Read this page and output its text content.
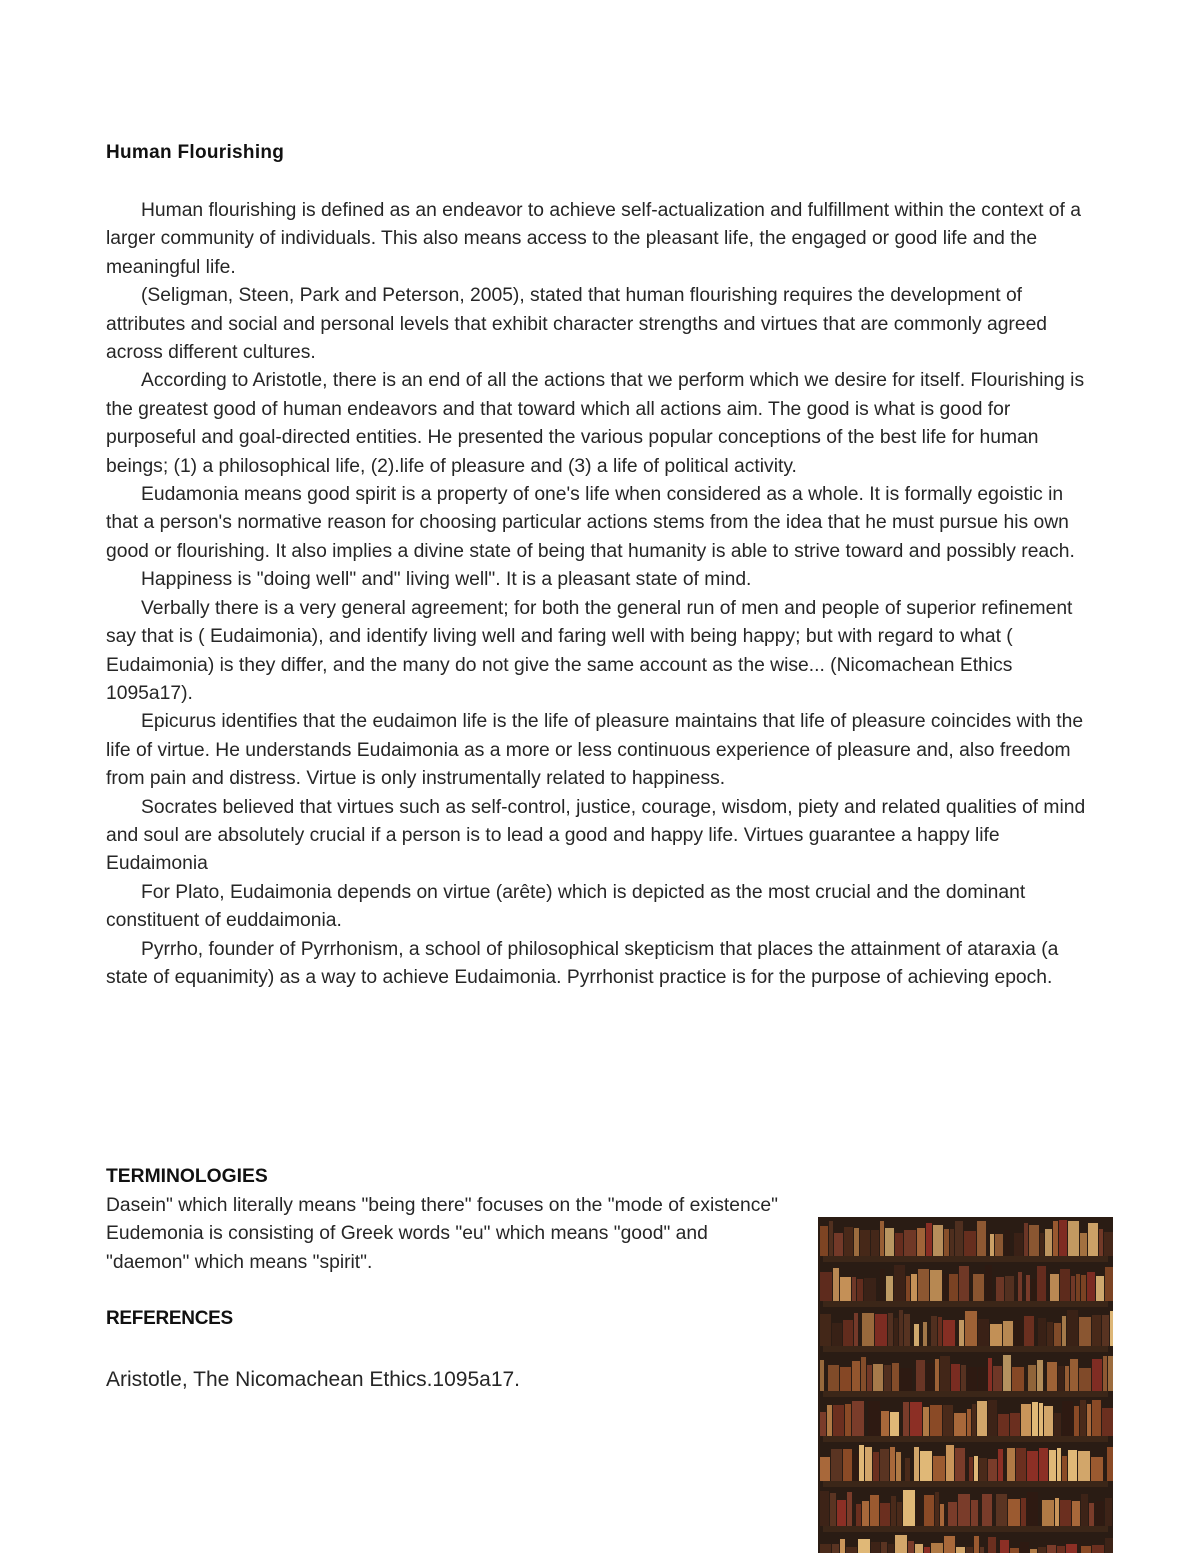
Human Flourishing

Human flourishing is defined as an endeavor to achieve self-actualization and fulfillment within the context of a larger community of individuals. This also means access to the pleasant life, the engaged or good life and the meaningful life.

(Seligman, Steen, Park and Peterson, 2005), stated that human flourishing requires the development of attributes and social and personal levels that exhibit character strengths and virtues that are commonly agreed across different cultures.

According to Aristotle, there is an end of all the actions that we perform which we desire for itself. Flourishing is the greatest good of human endeavors and that toward which all actions aim. The good is what is good for purposeful and goal-directed entities. He presented the various popular conceptions of the best life for human beings; (1) a philosophical life, (2).life of pleasure and (3) a life of political activity.

Eudamonia means good spirit is a property of one's life when considered as a whole. It is formally egoistic in that a person's normative reason for choosing particular actions stems from the idea that he must pursue his own good or flourishing. It also implies a divine state of being that humanity is able to strive toward and possibly reach.

Happiness is "doing well" and" living well". It is a pleasant state of mind.

Verbally there is a very general agreement; for both the general run of men and people of superior refinement say that is ( Eudaimonia), and identify living well and faring well with being happy; but with regard to what ( Eudaimonia) is they differ, and the many do not give the same account as the wise... (Nicomachean Ethics 1095a17).

Epicurus identifies that the eudaimon life is the life of pleasure maintains that life of pleasure coincides with the life of virtue. He understands Eudaimonia as a more or less continuous experience of pleasure and, also freedom from pain and distress. Virtue is only instrumentally related to happiness.

Socrates believed that virtues such as self-control, justice, courage, wisdom, piety and related qualities of mind and soul are absolutely crucial if a person is to lead a good and happy life. Virtues guarantee a happy life Eudaimonia

For Plato, Eudaimonia depends on virtue (arête) which is depicted as the most crucial and the dominant constituent of euddaimonia.

Pyrrho, founder of Pyrrhonism, a school of philosophical skepticism that places the attainment of ataraxia (a state of equanimity) as a way to achieve Eudaimonia. Pyrrhonist practice is for the purpose of achieving epoch.

TERMINOLOGIES

Dasein" which literally means "being there" focuses on the "mode of existence"

Eudemonia is consisting of Greek words "eu" which means "good" and "daemon" which means "spirit".

REFERENCES

Aristotle, The Nicomachean Ethics.1095a17.
